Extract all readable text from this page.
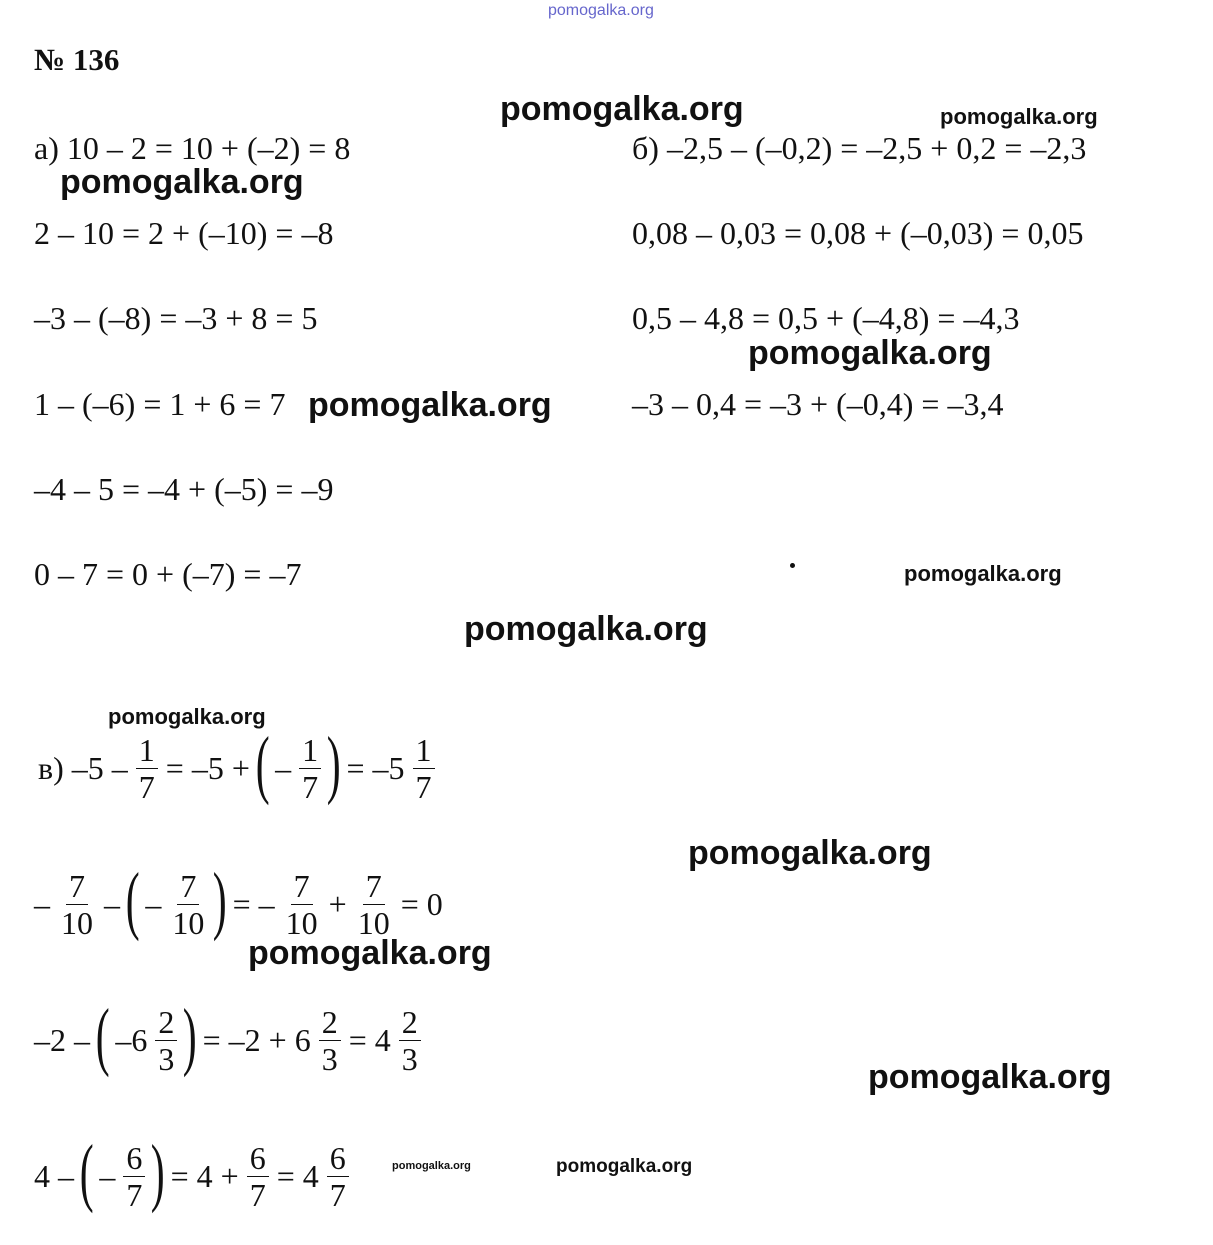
pomogalka.org
pomogalka.org	pomogalka.org
pomogalka.org
pomogalka.org
pomogalka.org
pomogalka.org
pomogalka.org
pomogalka.org
pomogalka.org
pomogalka.org
pomogalka.org
pomogalka.org	pomogalka.org
№ 136
а) 10 – 2 = 10 + (–2) = 8
2 – 10 = 2 + (–10) = –8
–3 – (–8) = –3 + 8 = 5
1 – (–6) = 1 + 6 = 7
–4 – 5 = –4 + (–5) = –9
0 – 7 = 0 + (–7) = –7
б) –2,5 – (–0,2) = –2,5 + 0,2 = –2,3
0,08 – 0,03 = 0,08 + (–0,03) = 0,05
0,5 – 4,8 = 0,5 + (–4,8) = –4,3
–3 – 0,4 = –3 + (–0,4) = –3,4
в) $-5 - \frac{1}{7} = -5$ + ( – $\frac{1}{7}$ ) = $-5 \frac{1}{7}$
– $\frac{7}{10}$ – ( – $\frac{7}{10}$ ) = – $\frac{7}{10} + \frac{7}{10} = 0$
–2 – ( $-6 \frac{2}{3}$ ) = $-2 + 6 \frac{2}{3} = 4 \frac{2}{3}$
4 – ( – $\frac{6}{7}$ ) = $4 + \frac{6}{7} = 4 \frac{6}{7}$
pomogalka.org
